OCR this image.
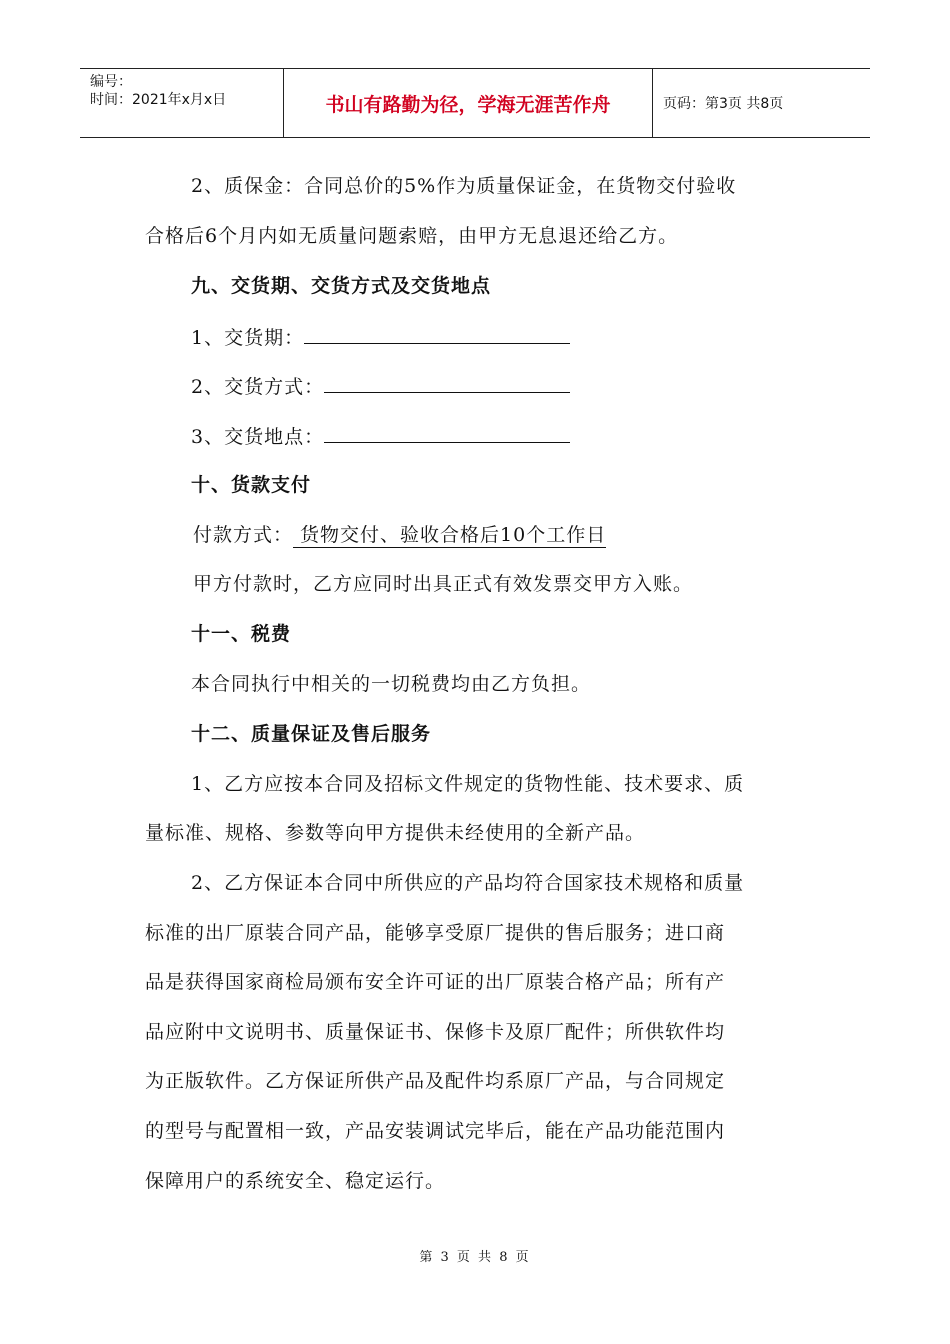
编号：
时间：2021年x月x日	书山有路勤为径，学海无涯苦作舟	页码：第3页 共8页
2、质保金：合同总价的5%作为质量保证金，在货物交付验收
合格后6个月内如无质量问题索赔，由甲方无息退还给乙方。
九、交货期、交货方式及交货地点
1、交货期：
2、交货方式：
3、交货地点：
十、货款支付
付款方式： 货物交付、验收合格后10个工作日
甲方付款时，乙方应同时出具正式有效发票交甲方入账。
十一、税费
本合同执行中相关的一切税费均由乙方负担。
十二、质量保证及售后服务
1、乙方应按本合同及招标文件规定的货物性能、技术要求、质
量标准、规格、参数等向甲方提供未经使用的全新产品。
2、乙方保证本合同中所供应的产品均符合国家技术规格和质量
标准的出厂原装合同产品，能够享受原厂提供的售后服务；进口商
品是获得国家商检局颁布安全许可证的出厂原装合格产品；所有产
品应附中文说明书、质量保证书、保修卡及原厂配件；所供软件均
为正版软件。乙方保证所供产品及配件均系原厂产品，与合同规定
的型号与配置相一致，产品安装调试完毕后，能在产品功能范围内
保障用户的系统安全、稳定运行。
第 3 页 共 8 页
